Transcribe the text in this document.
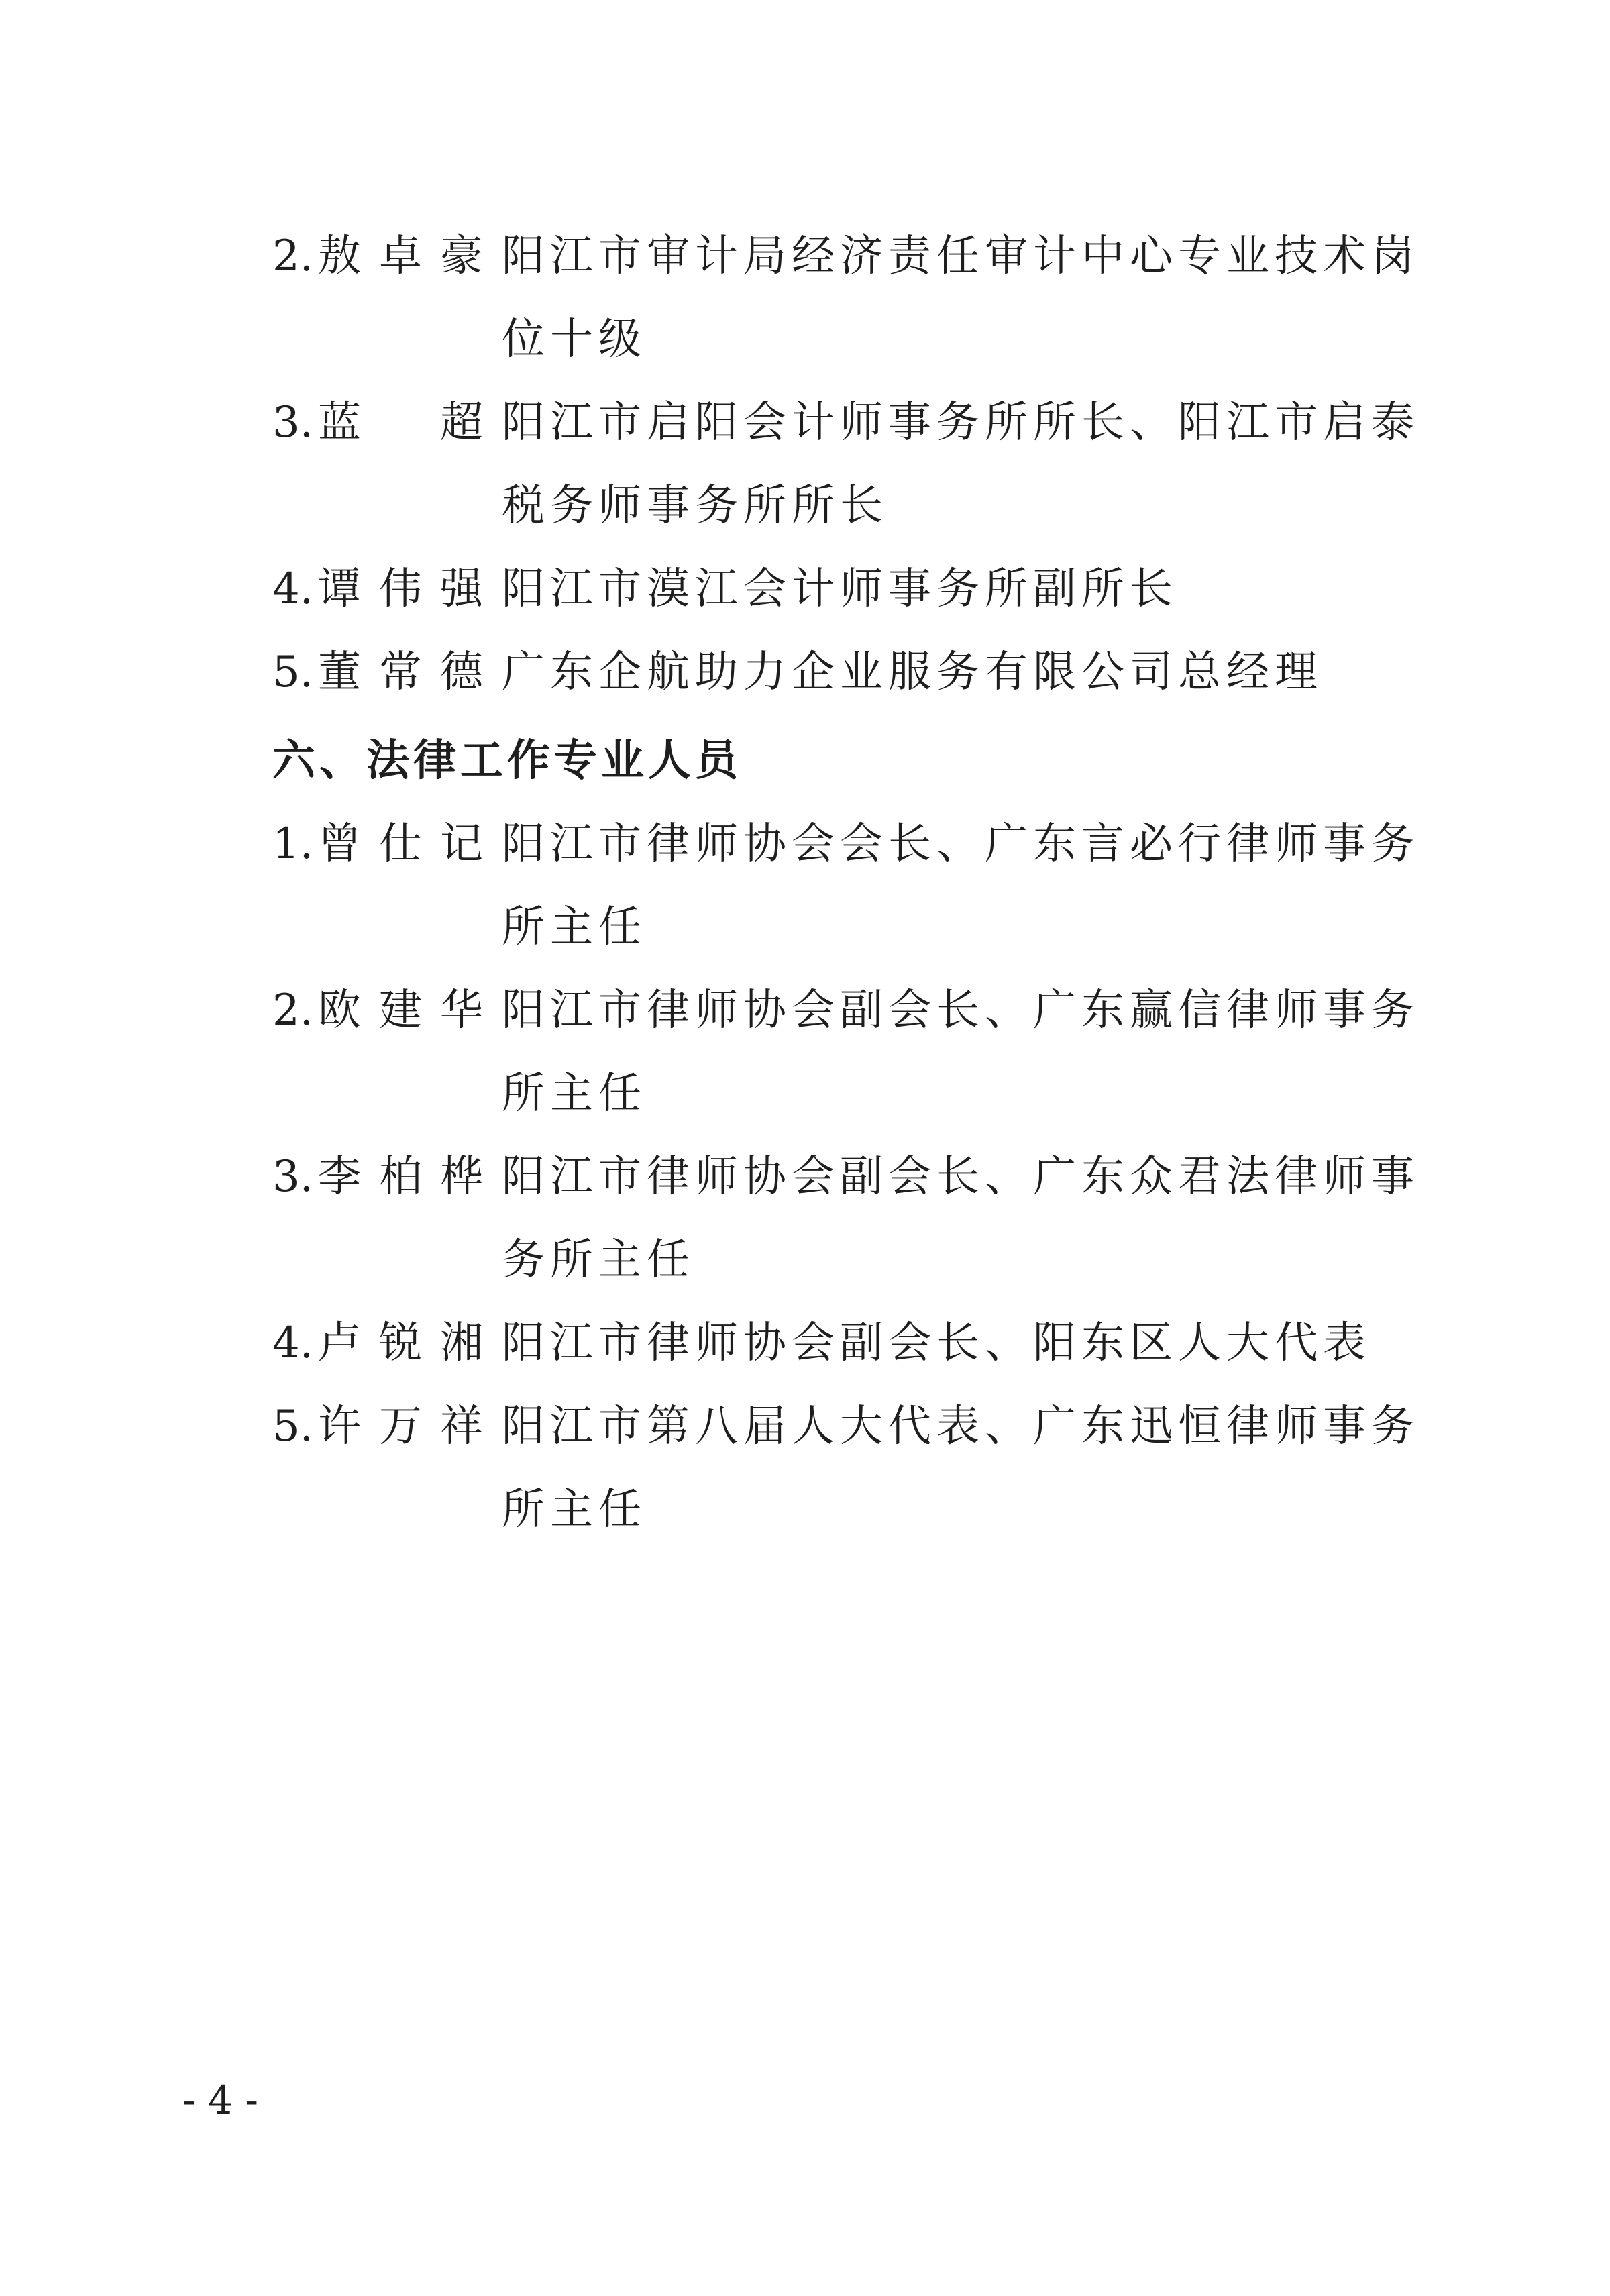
2. 敖卓豪 阳江市审计局经济责任审计中心专业技术岗位十级
3. 蓝超 阳江市启阳会计师事务所所长、阳江市启泰税务师事务所所长
4. 谭伟强 阳江市漠江会计师事务所副所长
5. 董常德 广东企航助力企业服务有限公司总经理
六、法律工作专业人员
1. 曾仕记 阳江市律师协会会长、广东言必行律师事务所主任
2. 欧建华 阳江市律师协会副会长、广东赢信律师事务所主任
3. 李柏桦 阳江市律师协会副会长、广东众君法律师事务所主任
4. 卢锐湘 阳江市律师协会副会长、阳东区人大代表
5. 许万祥 阳江市第八届人大代表、广东迅恒律师事务所主任
- 4 -
